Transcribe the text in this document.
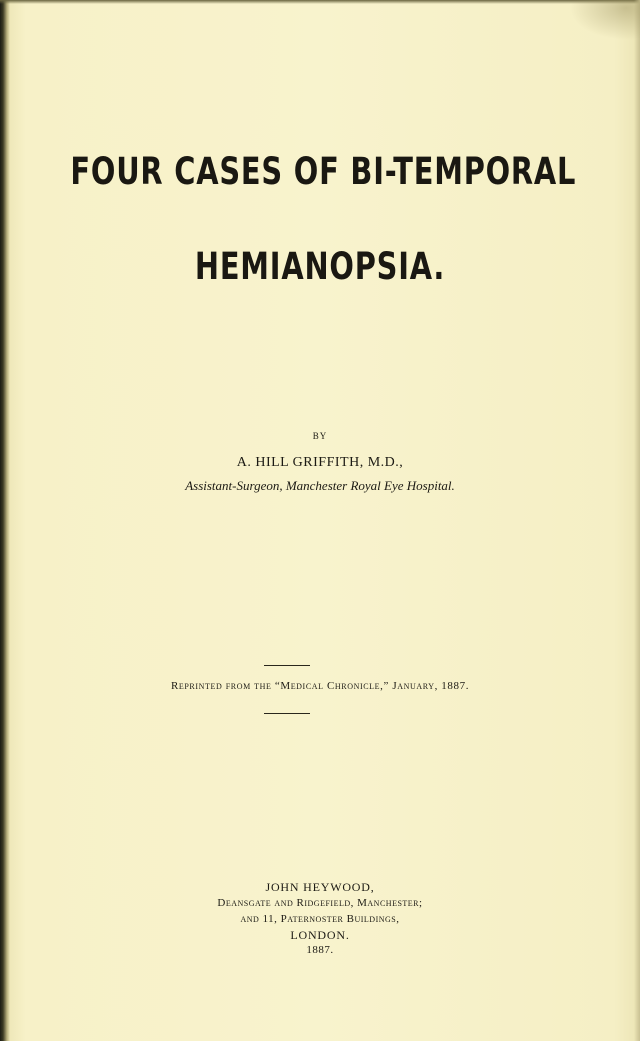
FOUR CASES OF BI-TEMPORAL
HEMIANOPSIA.
BY
A. HILL GRIFFITH, M.D.,
Assistant-Surgeon, Manchester Royal Eye Hospital.
Reprinted from the “Medical Chronicle,” January, 1887.
JOHN HEYWOOD,
Deansgate and Ridgefield, Manchester;
and 11, Paternoster Buildings,
LONDON.
1887.
